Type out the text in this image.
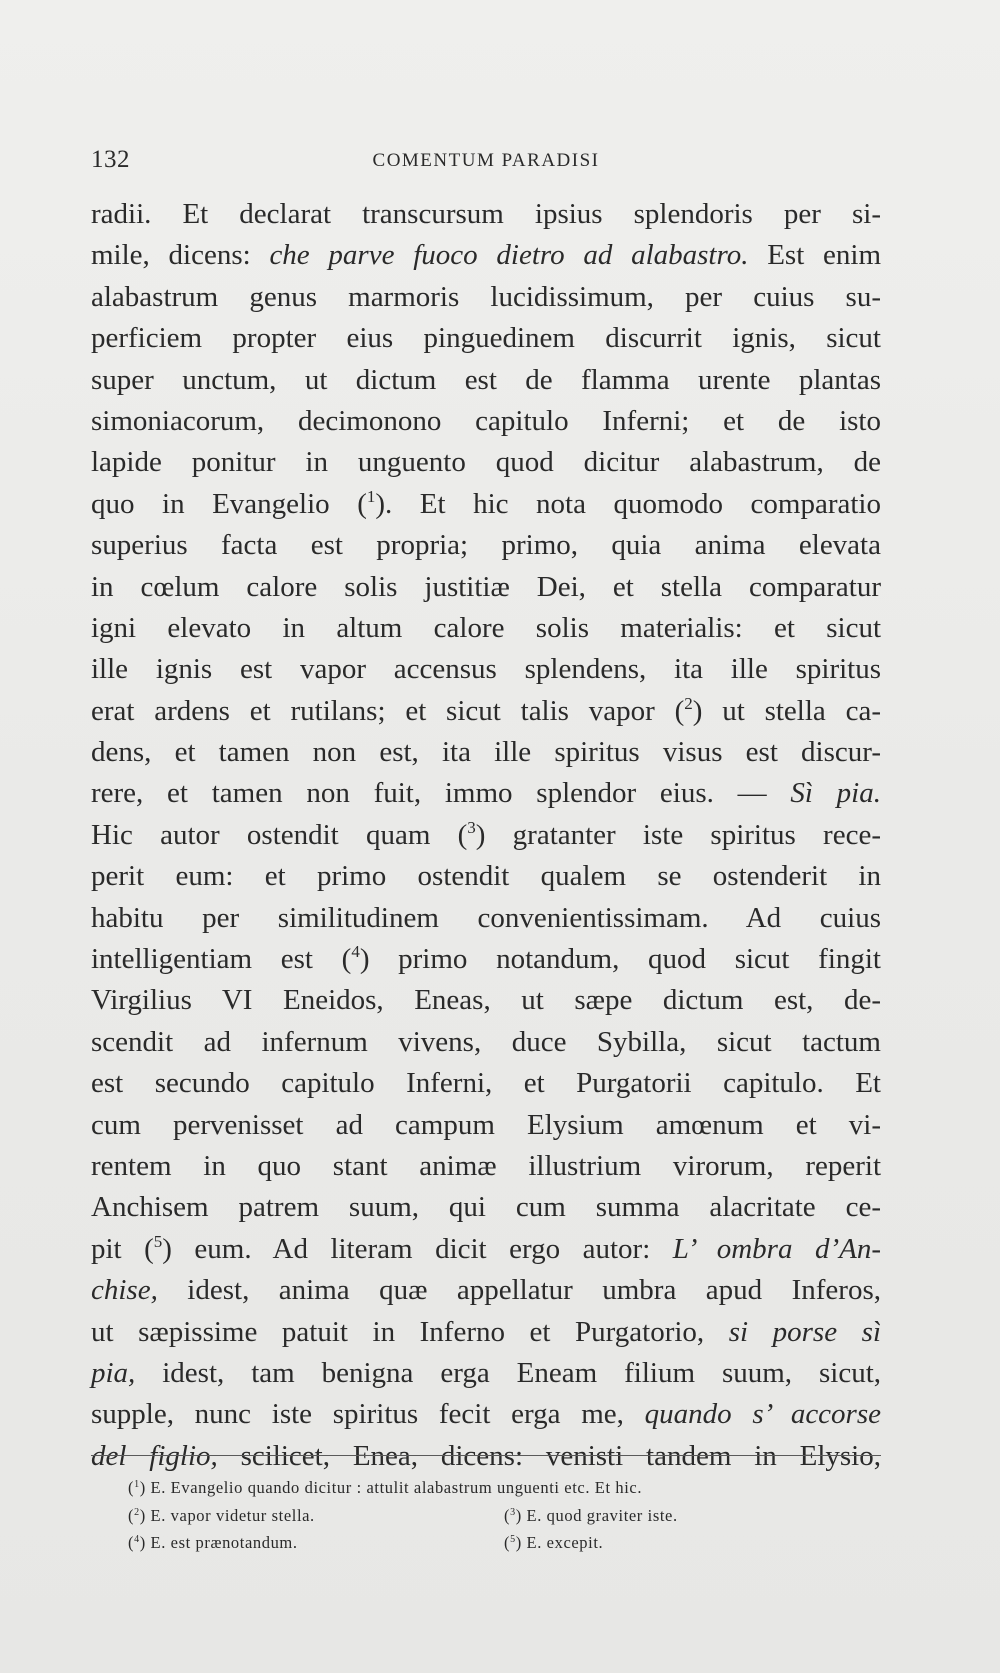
132	COMENTUM PARADISI
radii. Et declarat transcursum ipsius splendoris per si-
mile, dicens: che parve fuoco dietro ad alabastro. Est enim
alabastrum genus marmoris lucidissimum, per cuius su-
perficiem propter eius pinguedinem discurrit ignis, sicut
super unctum, ut dictum est de flamma urente plantas
simoniacorum, decimonono capitulo Inferni; et de isto
lapide ponitur in unguento quod dicitur alabastrum, de
quo in Evangelio ($^1$). Et hic nota quomodo comparatio
superius facta est propria; primo, quia anima elevata
in cœlum calore solis justitiæ Dei, et stella comparatur
igni elevato in altum calore solis materialis: et sicut
ille ignis est vapor accensus splendens, ita ille spiritus
erat ardens et rutilans; et sicut talis vapor ($^2$) ut stella ca-
dens, et tamen non est, ita ille spiritus visus est discur-
rere, et tamen non fuit, immo splendor eius. — Sì pia.
Hic autor ostendit quam ($^3$) gratanter iste spiritus rece-
perit eum: et primo ostendit qualem se ostenderit in
habitu per similitudinem convenientissimam. Ad cuius
intelligentiam est ($^4$) primo notandum, quod sicut fingit
Virgilius VI Eneidos, Eneas, ut sæpe dictum est, de-
scendit ad infernum vivens, duce Sybilla, sicut tactum
est secundo capitulo Inferni, et Purgatorii capitulo. Et
cum pervenisset ad campum Elysium amœnum et vi-
rentem in quo stant animæ illustrium virorum, reperit
Anchisem patrem suum, qui cum summa alacritate ce-
pit ($^5$) eum. Ad literam dicit ergo autor: L’ ombra d’An-
chise, idest, anima quæ appellatur umbra apud Inferos,
ut sæpissime patuit in Inferno et Purgatorio, si porse sì
pia, idest, tam benigna erga Eneam filium suum, sicut,
supple, nunc iste spiritus fecit erga me, quando s’ accorse
del figlio, scilicet, Enea, dicens: venisti tandem in Elysio,
($^1$) E. Evangelio quando dicitur : attulit alabastrum unguenti etc. Et hic.
($^2$) E. vapor videtur stella.	($^3$) E. quod graviter iste.
($^4$) E. est prænotandum.	($^5$) E. excepit.
